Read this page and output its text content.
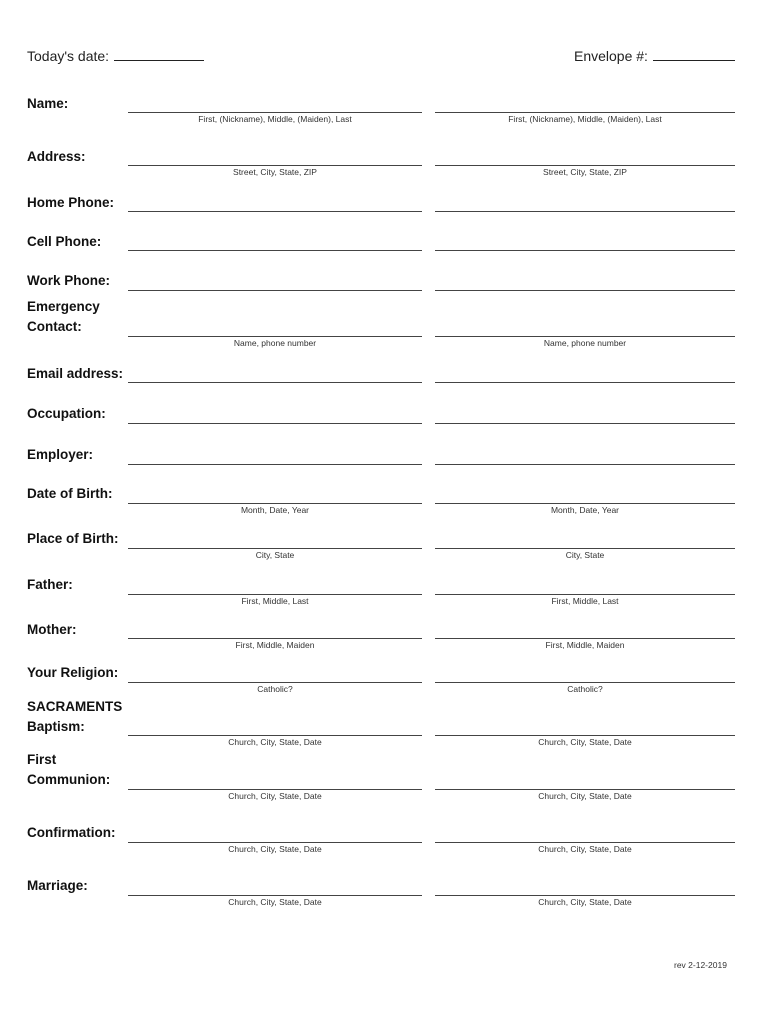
Today's date:	Envelope #:
Name:
First, (Nickname), Middle, (Maiden), Last	First, (Nickname), Middle, (Maiden), Last
Address:
Street, City, State, ZIP	Street, City, State, ZIP
Home Phone:
Cell Phone:
Work Phone:
Emergency
Contact:
Name, phone number	Name, phone number
Email address:
Occupation:
Employer:
Date of Birth:
Month, Date, Year	Month, Date, Year
Place of Birth:
City, State	City, State
Father:
First, Middle, Last	First, Middle, Last
Mother:
First, Middle, Maiden	First, Middle, Maiden
Your Religion:
Catholic?	Catholic?
SACRAMENTS
Baptism:
Church, City, State, Date	Church, City, State, Date
First
Communion:
Church, City, State, Date	Church, City, State, Date
Confirmation:
Church, City, State, Date	Church, City, State, Date
Marriage:
Church, City, State, Date	Church, City, State, Date
rev 2-12-2019
